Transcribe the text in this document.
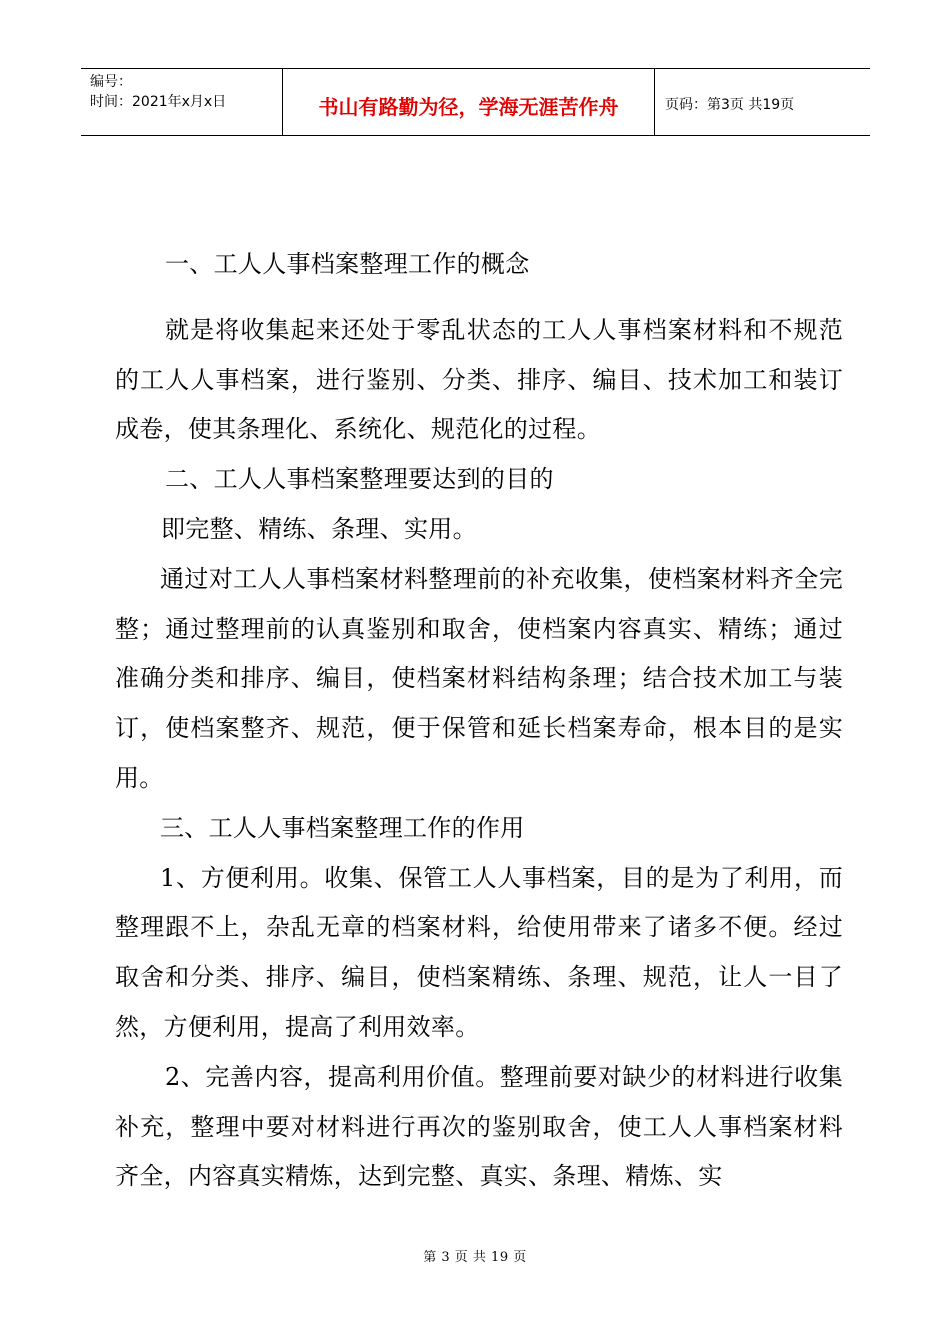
编号：
时间：2021年x月x日	书山有路勤为径，学海无涯苦作舟	页码：第3页 共19页

一、工人人事档案整理工作的概念

就是将收集起来还处于零乱状态的工人人事档案材料和不规范的工人人事档案，进行鉴别、分类、排序、编目、技术加工和装订成卷，使其条理化、系统化、规范化的过程。

二、工人人事档案整理要达到的目的

即完整、精练、条理、实用。

通过对工人人事档案材料整理前的补充收集，使档案材料齐全完整；通过整理前的认真鉴别和取舍，使档案内容真实、精练；通过准确分类和排序、编目，使档案材料结构条理；结合技术加工与装订，使档案整齐、规范，便于保管和延长档案寿命，根本目的是实用。

三、工人人事档案整理工作的作用

1、方便利用。收集、保管工人人事档案，目的是为了利用，而整理跟不上，杂乱无章的档案材料，给使用带来了诸多不便。经过取舍和分类、排序、编目，使档案精练、条理、规范，让人一目了然，方便利用，提高了利用效率。

2、完善内容，提高利用价值。整理前要对缺少的材料进行收集补充，整理中要对材料进行再次的鉴别取舍，使工人人事档案材料齐全，内容真实精炼，达到完整、真实、条理、精炼、实

第 3 页 共 19 页
